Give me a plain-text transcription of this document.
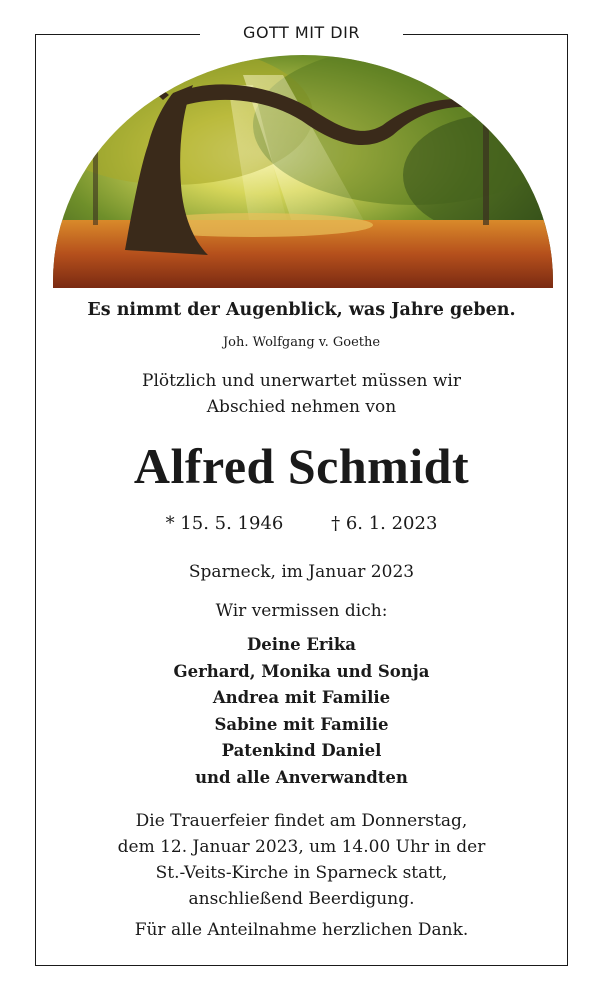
GOTT MIT DIR
Es nimmt der Augenblick, was Jahre geben.
Joh. Wolfgang v. Goethe
Plötzlich und unerwartet müssen wir
Abschied nehmen von
Alfred Schmidt
* 15. 5. 1946	† 6. 1. 2023
Sparneck, im Januar 2023
Wir vermissen dich:
Deine Erika
Gerhard, Monika und Sonja
Andrea mit Familie
Sabine mit Familie
Patenkind Daniel
und alle Anverwandten
Die Trauerfeier findet am Donnerstag,
dem 12. Januar 2023, um 14.00 Uhr in der
St.-Veits-Kirche in Sparneck statt,
anschließend Beerdigung.
Für alle Anteilnahme herzlichen Dank.
